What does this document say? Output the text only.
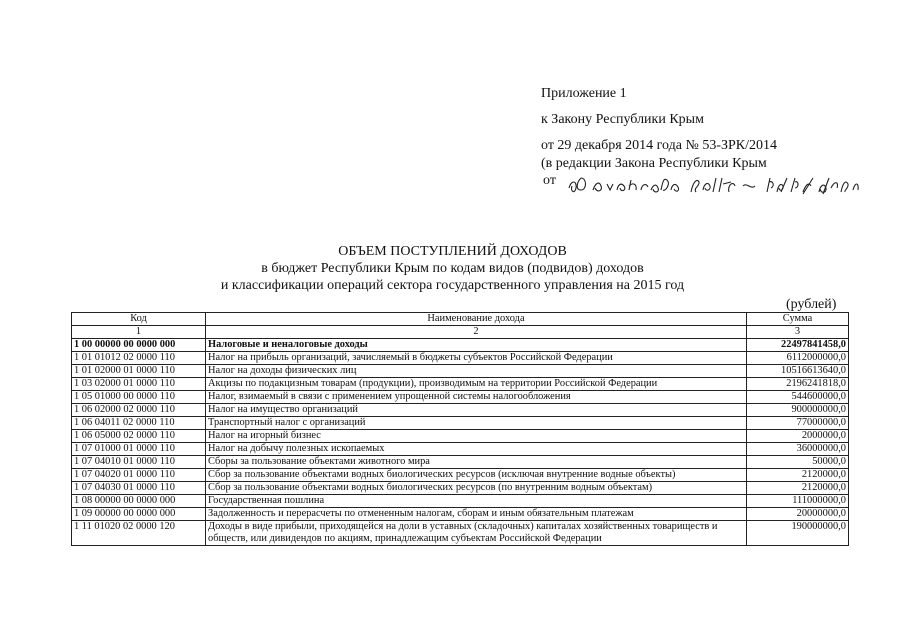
Приложение 1
к Закону Республики Крым
от 29 декабря 2014 года № 53-ЗРК/2014
(в редакции Закона Республики Крым
от
ОБЪЕМ ПОСТУПЛЕНИЙ ДОХОДОВ
в бюджет Республики Крым по кодам видов (подвидов) доходов
и классификации операций сектора государственного управления на 2015 год
(рублей)
Код	Наименование дохода	Сумма
1	2	3
1 00 00000 00 0000 000	Налоговые и неналоговые доходы	22497841458,0
1 01 01012 02 0000 110	Налог на прибыль организаций, зачисляемый в бюджеты субъектов Российской Федерации	6112000000,0
1 01 02000 01 0000 110	Налог на доходы физических лиц	10516613640,0
1 03 02000 01 0000 110	Акцизы по подакцизным товарам (продукции), производимым на территории Российской Федерации	2196241818,0
1 05 01000 00 0000 110	Налог, взимаемый в связи с применением упрощенной системы налогообложения	544600000,0
1 06 02000 02 0000 110	Налог на имущество организаций	900000000,0
1 06 04011 02 0000 110	Транспортный налог с организаций	77000000,0
1 06 05000 02 0000 110	Налог на игорный бизнес	2000000,0
1 07 01000 01 0000 110	Налог на добычу полезных ископаемых	36000000,0
1 07 04010 01 0000 110	Сборы за пользование объектами животного мира	50000,0
1 07 04020 01 0000 110	Сбор за пользование объектами водных биологических ресурсов (исключая внутренние водные объекты)	2120000,0
1 07 04030 01 0000 110	Сбор за пользование объектами водных биологических ресурсов (по внутренним водным объектам)	2120000,0
1 08 00000 00 0000 000	Государственная пошлина	111000000,0
1 09 00000 00 0000 000	Задолженность и перерасчеты по отмененным налогам, сборам и иным обязательным платежам	20000000,0
1 11 01020 02 0000 120	Доходы в виде прибыли, приходящейся на доли в уставных (складочных) капиталах хозяйственных товариществ и обществ, или дивидендов по акциям, принадлежащим субъектам Российской Федерации	190000000,0
